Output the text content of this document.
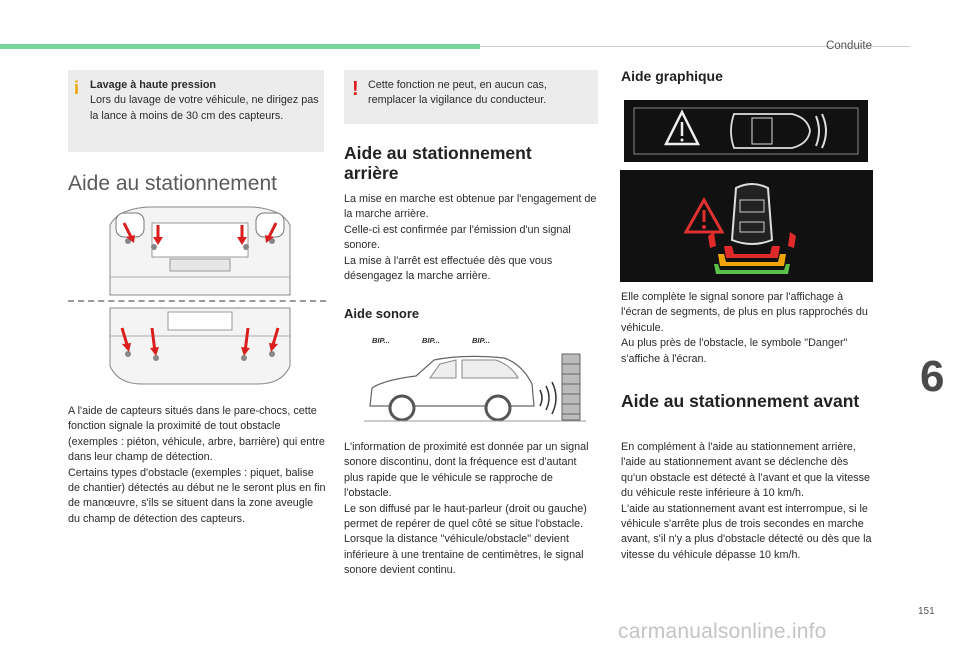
Conduite
6
151
i Lavage à haute pression

Lors du lavage de votre véhicule, ne dirigez pas la lance à moins de 30 cm des capteurs.

Aide au stationnement

A l'aide de capteurs situés dans le pare-chocs, cette fonction signale la proximité de tout obstacle (exemples : piéton, véhicule, arbre, barrière) qui entre dans leur champ de détection.
Certains types d'obstacle (exemples : piquet, balise de chantier) détectés au début ne le seront plus en fin de manœuvre, s'ils se situent dans la zone aveugle du champ de détection des capteurs.

! Cette fonction ne peut, en aucun cas, remplacer la vigilance du conducteur.

Aide au stationnement arrière

La mise en marche est obtenue par l'engagement de la marche arrière.
Celle-ci est confirmée par l'émission d'un signal sonore.
La mise à l'arrêt est effectuée dès que vous désengagez la marche arrière.

Aide sonore
BIP...	BIP...	BIP...

L'information de proximité est donnée par un signal sonore discontinu, dont la fréquence est d'autant plus rapide que le véhicule se rapproche de l'obstacle.
Le son diffusé par le haut-parleur (droit ou gauche) permet de repérer de quel côté se situe l'obstacle.
Lorsque la distance "véhicule/obstacle" devient inférieure à une trentaine de centimètres, le signal sonore devient continu.

Aide graphique

Elle complète le signal sonore par l'affichage à l'écran de segments, de plus en plus rapprochés du véhicule.
Au plus près de l'obstacle, le symbole "Danger" s'affiche à l'écran.

Aide au stationnement avant

En complément à l'aide au stationnement arrière, l'aide au stationnement avant se déclenche dès qu'un obstacle est détecté à l'avant et que la vitesse du véhicule reste inférieure à 10 km/h.
L'aide au stationnement avant est interrompue, si le véhicule s'arrête plus de trois secondes en marche avant, s'il n'y a plus d'obstacle détecté ou dès que la vitesse du véhicule dépasse 10 km/h.

carmanualsonline.info
